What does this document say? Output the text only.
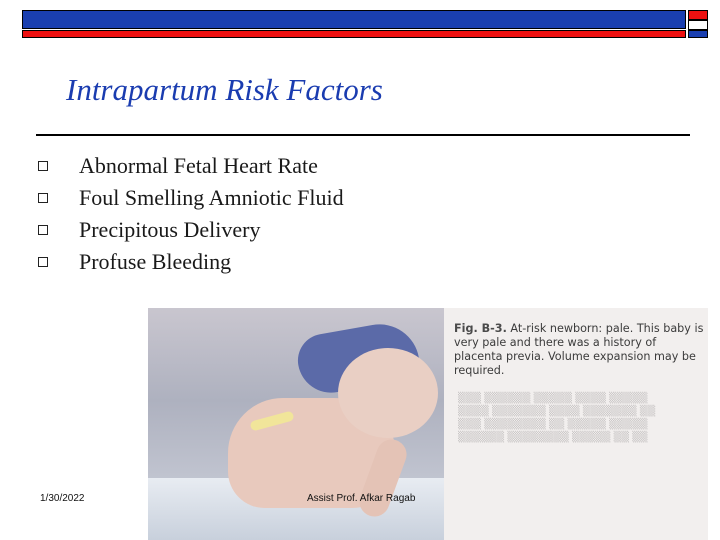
Intrapartum Risk Factors
Abnormal Fetal Heart Rate
Foul Smelling Amniotic Fluid
Precipitous Delivery
Profuse Bleeding
Fig. B-3. At-risk newborn: pale. This baby is very pale and there was a history of placenta previa. Volume expansion may be required.
▒▒▒ ▒▒▒▒▒▒ ▒▒▒▒▒ ▒▒▒▒ ▒▒▒▒▒
▒▒▒▒ ▒▒▒▒▒▒▒ ▒▒▒▒ ▒▒▒▒▒▒▒ ▒▒
▒▒▒ ▒▒▒▒▒▒▒▒ ▒▒ ▒▒▒▒▒ ▒▒▒▒▒
▒▒▒▒▒▒ ▒▒▒▒▒▒▒▒ ▒▒▒▒▒ ▒▒ ▒▒
1/30/2022	Assist Prof. Afkar Ragab
